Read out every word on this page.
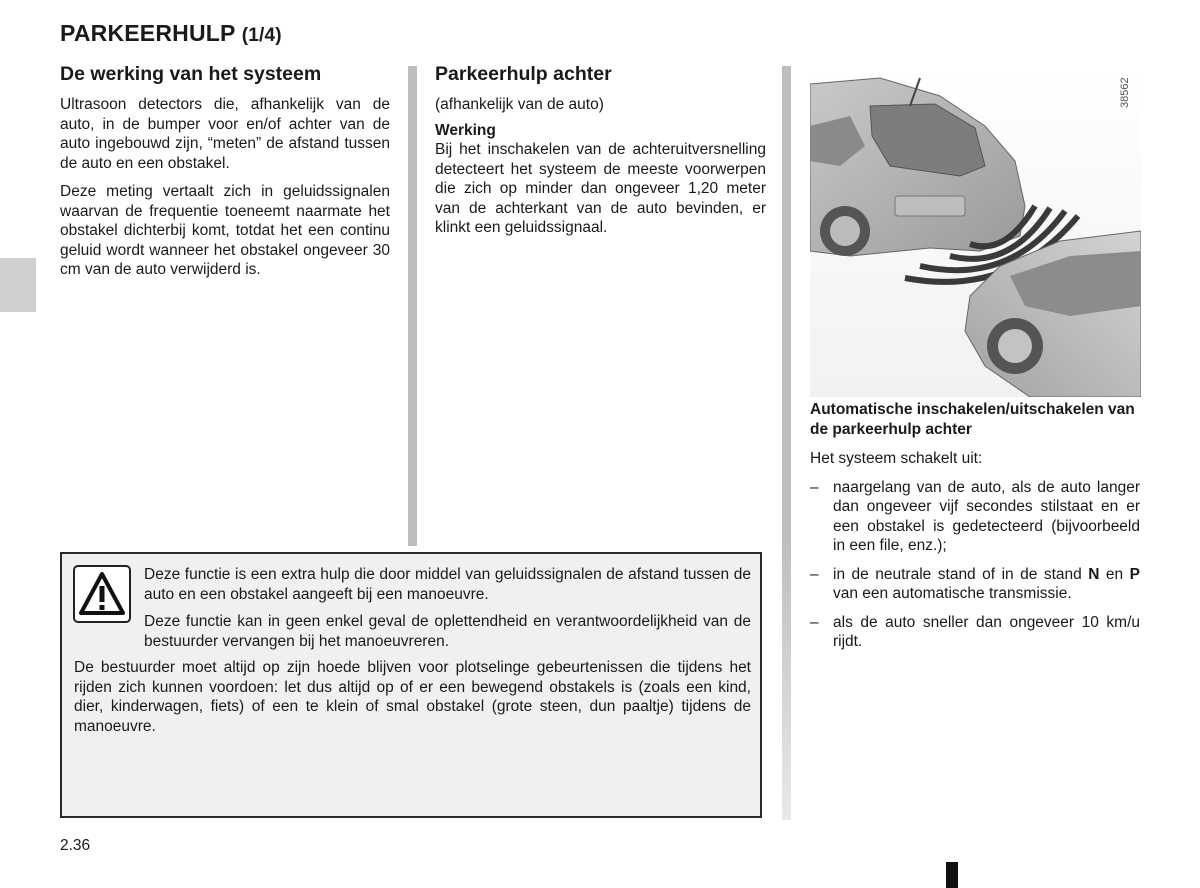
PARKEERHULP (1/4)

De werking van het systeem

Ultrasoon detectors die, afhankelijk van de auto, in de bumper voor en/of achter van de auto ingebouwd zijn, “meten” de afstand tussen de auto en een obstakel.

Deze meting vertaalt zich in geluidssignalen waarvan de frequentie toeneemt naarmate het obstakel dichterbij komt, totdat het een continu geluid wordt wanneer het obstakel ongeveer 30 cm van de auto verwijderd is.

Parkeerhulp achter

(afhankelijk van de auto)

Werking

Bij het inschakelen van de achteruitversnelling detecteert het systeem de meeste voorwerpen die zich op minder dan ongeveer 1,20 meter van de achterkant van de auto bevinden, er klinkt een geluidssignaal.

38562

Automatische inschakelen/uitschakelen van de parkeerhulp achter

Het systeem schakelt uit:

– naargelang van de auto, als de auto langer dan ongeveer vijf secondes stilstaat en er een obstakel is gedetecteerd (bijvoorbeeld in een file, enz.);
– in de neutrale stand of in de stand N en P van een automatische transmissie.
– als de auto sneller dan ongeveer 10 km/u rijdt.

Deze functie is een extra hulp die door middel van geluidssignalen de afstand tussen de auto en een obstakel aangeeft bij een manoeuvre.

Deze functie kan in geen enkel geval de oplettendheid en verantwoordelijkheid van de bestuurder vervangen bij het manoeuvreren.

De bestuurder moet altijd op zijn hoede blijven voor plotselinge gebeurtenissen die tijdens het rijden zich kunnen voordoen: let dus altijd op of er een bewegend obstakels is (zoals een kind, dier, kinderwagen, fiets) of een te klein of smal obstakel (grote steen, dun paaltje) tijdens de manoeuvre.

2.36
